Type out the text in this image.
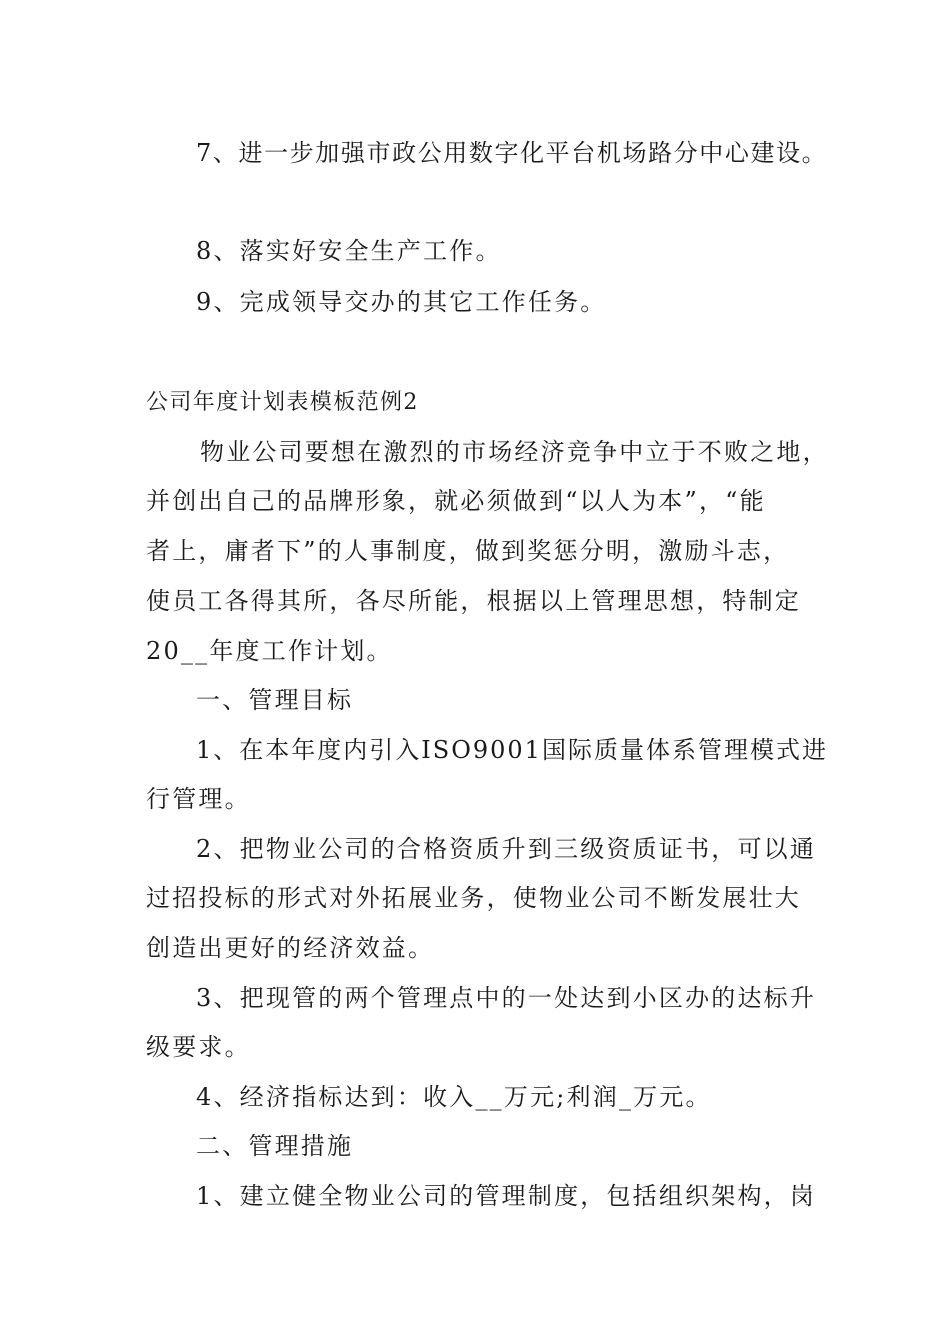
7、进一步加强市政公用数字化平台机场路分中心建设。
8、落实好安全生产工作。
9、完成领导交办的其它工作任务。
公司年度计划表模板范例2
物业公司要想在激烈的市场经济竞争中立于不败之地，
并创出自己的品牌形象，就必须做到“以人为本”，“能
者上，庸者下”的人事制度，做到奖惩分明，激励斗志，
使员工各得其所，各尽所能，根据以上管理思想，特制定
20__年度工作计划。
一、管理目标
1、在本年度内引入ISO9001国际质量体系管理模式进
行管理。
2、把物业公司的合格资质升到三级资质证书，可以通
过招投标的形式对外拓展业务，使物业公司不断发展壮大
创造出更好的经济效益。
3、把现管的两个管理点中的一处达到小区办的达标升
级要求。
4、经济指标达到：收入__万元;利润_万元。
二、管理措施
1、建立健全物业公司的管理制度，包括组织架构，岗
